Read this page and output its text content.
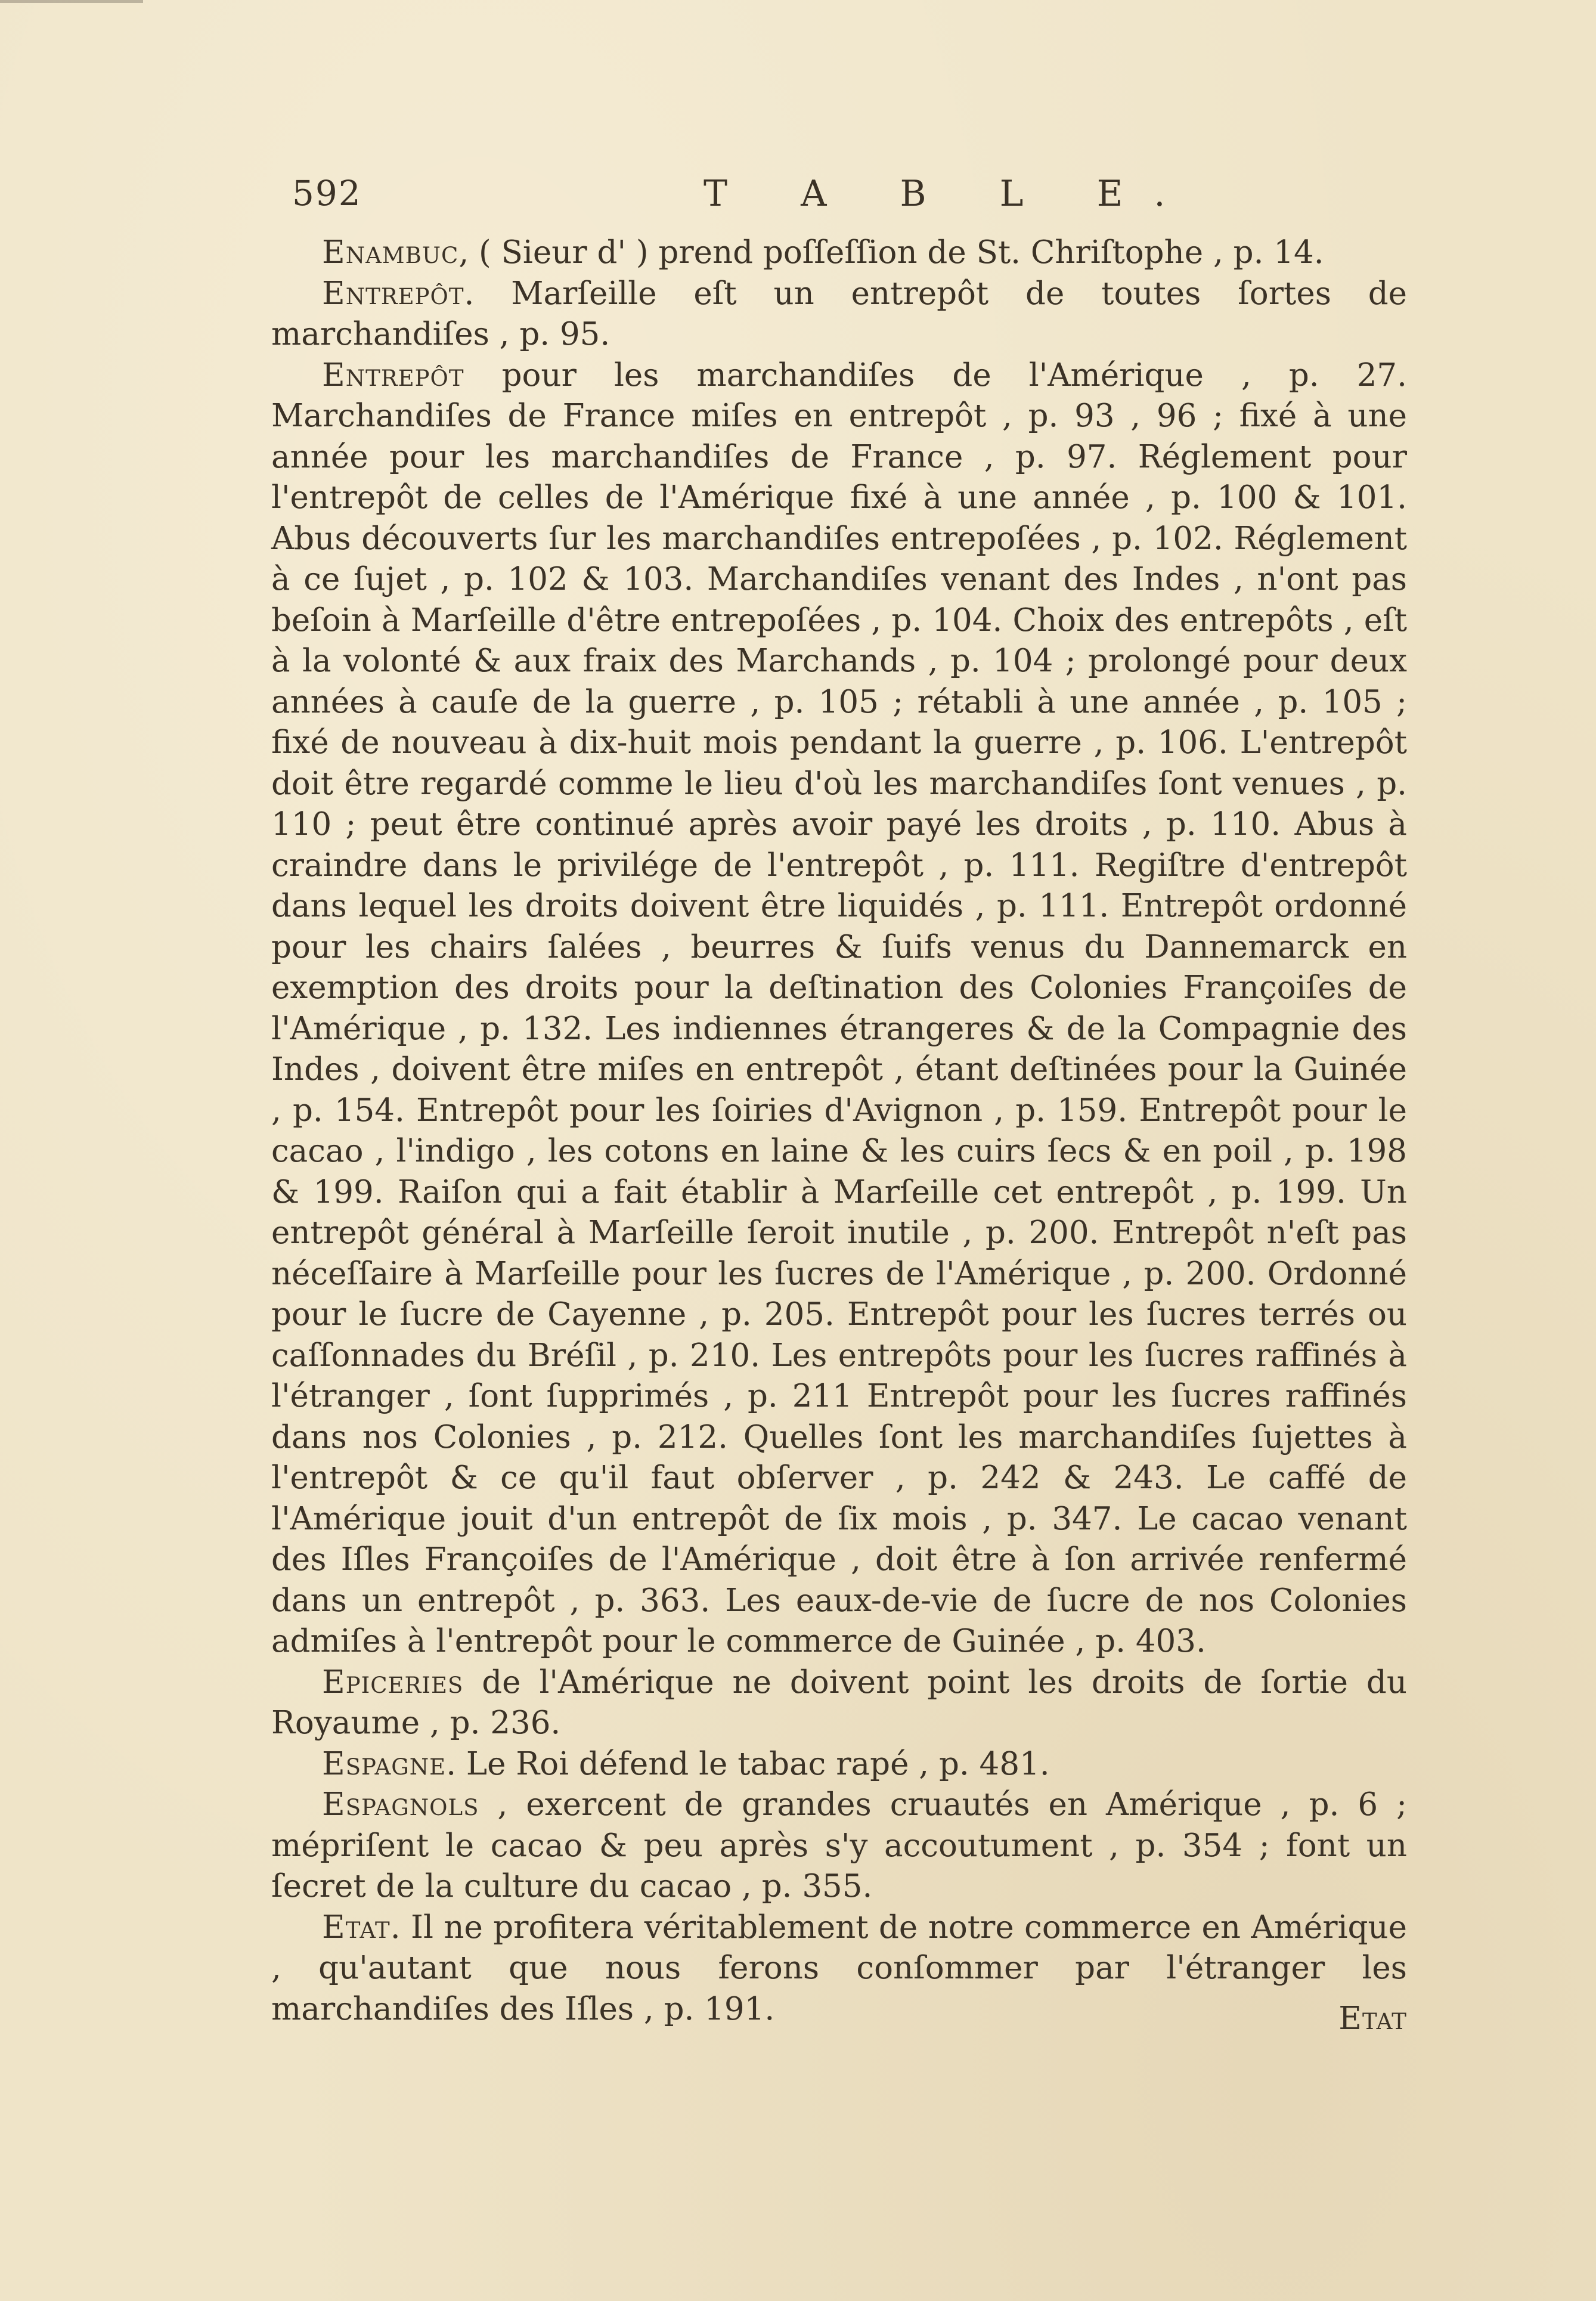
592	T A B L E.

Enambuc, ( Sieur d' ) prend poſſeſſion de St. Chriſtophe , p. 14.

Entrepôt. Marſeille eſt un entrepôt de toutes ſortes de marchandiſes , p. 95.

Entrepôt pour les marchandiſes de l'Amérique , p. 27. Marchandiſes de France miſes en entrepôt , p. 93 , 96 ; fixé à une année pour les marchandiſes de France , p. 97. Réglement pour l'entrepôt de celles de l'Amérique fixé à une année , p. 100 & 101. Abus découverts ſur les marchandiſes entrepoſées , p. 102. Réglement à ce ſujet , p. 102 & 103. Marchandiſes venant des Indes , n'ont pas beſoin à Marſeille d'être entrepoſées , p. 104. Choix des entrepôts , eſt à la volonté & aux fraix des Marchands , p. 104 ; prolongé pour deux années à cauſe de la guerre , p. 105 ; rétabli à une année , p. 105 ; fixé de nouveau à dix-huit mois pendant la guerre , p. 106. L'entrepôt doit être regardé comme le lieu d'où les marchandiſes ſont venues , p. 110 ; peut être continué après avoir payé les droits , p. 110. Abus à craindre dans le privilége de l'entrepôt , p. 111. Regiſtre d'entrepôt dans lequel les droits doivent être liquidés , p. 111. Entrepôt ordonné pour les chairs ſalées , beurres & ſuifs venus du Dannemarck en exemption des droits pour la deſtination des Colonies Françoiſes de l'Amérique , p. 132. Les indiennes étrangeres & de la Compagnie des Indes , doivent être miſes en entrepôt , étant deſtinées pour la Guinée , p. 154. Entrepôt pour les ſoiries d'Avignon , p. 159. Entrepôt pour le cacao , l'indigo , les cotons en laine & les cuirs ſecs & en poil , p. 198 & 199. Raiſon qui a fait établir à Marſeille cet entrepôt , p. 199. Un entrepôt général à Marſeille ſeroit inutile , p. 200. Entrepôt n'eſt pas néceſſaire à Marſeille pour les ſucres de l'Amérique , p. 200. Ordonné pour le ſucre de Cayenne , p. 205. Entrepôt pour les ſucres terrés ou caſſonnades du Bréſil , p. 210. Les entrepôts pour les ſucres raffinés à l'étranger , ſont ſupprimés , p. 211 Entrepôt pour les ſucres raffinés dans nos Colonies , p. 212. Quelles ſont les marchandiſes ſujettes à l'entrepôt & ce qu'il faut obſerver , p. 242 & 243. Le caffé de l'Amérique jouit d'un entrepôt de ſix mois , p. 347. Le cacao venant des Iſles Françoiſes de l'Amérique , doit être à ſon arrivée renfermé dans un entrepôt , p. 363. Les eaux-de-vie de ſucre de nos Colonies admiſes à l'entrepôt pour le commerce de Guinée , p. 403.

Epiceries de l'Amérique ne doivent point les droits de ſortie du Royaume , p. 236.

Espagne. Le Roi défend le tabac rapé , p. 481.

Espagnols , exercent de grandes cruautés en Amérique , p. 6 ; mépriſent le cacao & peu après s'y accoutument , p. 354 ; font un ſecret de la culture du cacao , p. 355.

Etat. Il ne profitera véritablement de notre commerce en Amérique , qu'autant que nous ferons conſommer par l'étranger les marchandiſes des Iſles , p. 191.	Etat
